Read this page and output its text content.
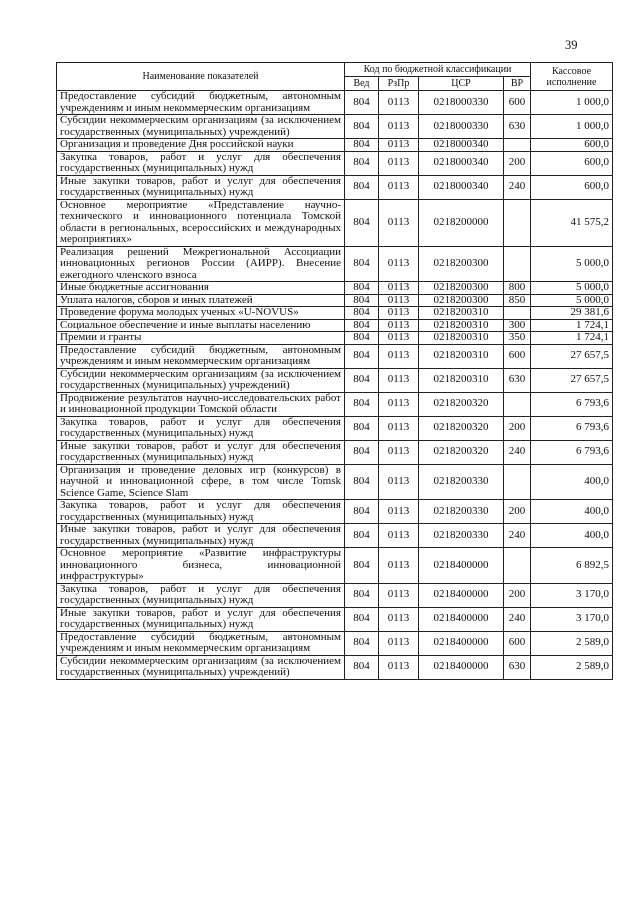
39
Наименование показателей	Код по бюджетной классификации				Кассовое исполнение
	Вед	РзПр	ЦСР	ВР	
Предоставление субсидий бюджетным, автономным учреждениям и иным некоммерческим организациям	804	0113	0218000330	600	1 000,0
Субсидии некоммерческим организациям (за исключением государственных (муниципальных) учреждений)	804	0113	0218000330	630	1 000,0
Организация и проведение Дня российской науки	804	0113	0218000340		600,0
Закупка товаров, работ и услуг для обеспечения государственных (муниципальных) нужд	804	0113	0218000340	200	600,0
Иные закупки товаров, работ и услуг для обеспечения государственных (муниципальных) нужд	804	0113	0218000340	240	600,0
Основное мероприятие «Представление научно-технического и инновационного потенциала Томской области в региональных, всероссийских и международных мероприятиях»	804	0113	0218200000		41 575,2
Реализация решений Межрегиональной Ассоциации инновационных регионов России (АИРР). Внесение ежегодного членского взноса	804	0113	0218200300		5 000,0
Иные бюджетные ассигнования	804	0113	0218200300	800	5 000,0
Уплата налогов, сборов и иных платежей	804	0113	0218200300	850	5 000,0
Проведение форума молодых ученых «U-NOVUS»	804	0113	0218200310		29 381,6
Социальное обеспечение и иные выплаты населению	804	0113	0218200310	300	1 724,1
Премии и гранты	804	0113	0218200310	350	1 724,1
Предоставление субсидий бюджетным, автономным учреждениям и иным некоммерческим организациям	804	0113	0218200310	600	27 657,5
Субсидии некоммерческим организациям (за исключением государственных (муниципальных) учреждений)	804	0113	0218200310	630	27 657,5
Продвижение результатов научно-исследовательских работ и инновационной продукции Томской области	804	0113	0218200320		6 793,6
Закупка товаров, работ и услуг для обеспечения государственных (муниципальных) нужд	804	0113	0218200320	200	6 793,6
Иные закупки товаров, работ и услуг для обеспечения государственных (муниципальных) нужд	804	0113	0218200320	240	6 793,6
Организация и проведение деловых игр (конкурсов) в научной и инновационной сфере, в том числе Tomsk Science Game, Science Slam	804	0113	0218200330		400,0
Закупка товаров, работ и услуг для обеспечения государственных (муниципальных) нужд	804	0113	0218200330	200	400,0
Иные закупки товаров, работ и услуг для обеспечения государственных (муниципальных) нужд	804	0113	0218200330	240	400,0
Основное мероприятие «Развитие инфраструктуры инновационного бизнеса, инновационной инфраструктуры»	804	0113	0218400000		6 892,5
Закупка товаров, работ и услуг для обеспечения государственных (муниципальных) нужд	804	0113	0218400000	200	3 170,0
Иные закупки товаров, работ и услуг для обеспечения государственных (муниципальных) нужд	804	0113	0218400000	240	3 170,0
Предоставление субсидий бюджетным, автономным учреждениям и иным некоммерческим организациям	804	0113	0218400000	600	2 589,0
Субсидии некоммерческим организациям (за исключением государственных (муниципальных) учреждений)	804	0113	0218400000	630	2 589,0
